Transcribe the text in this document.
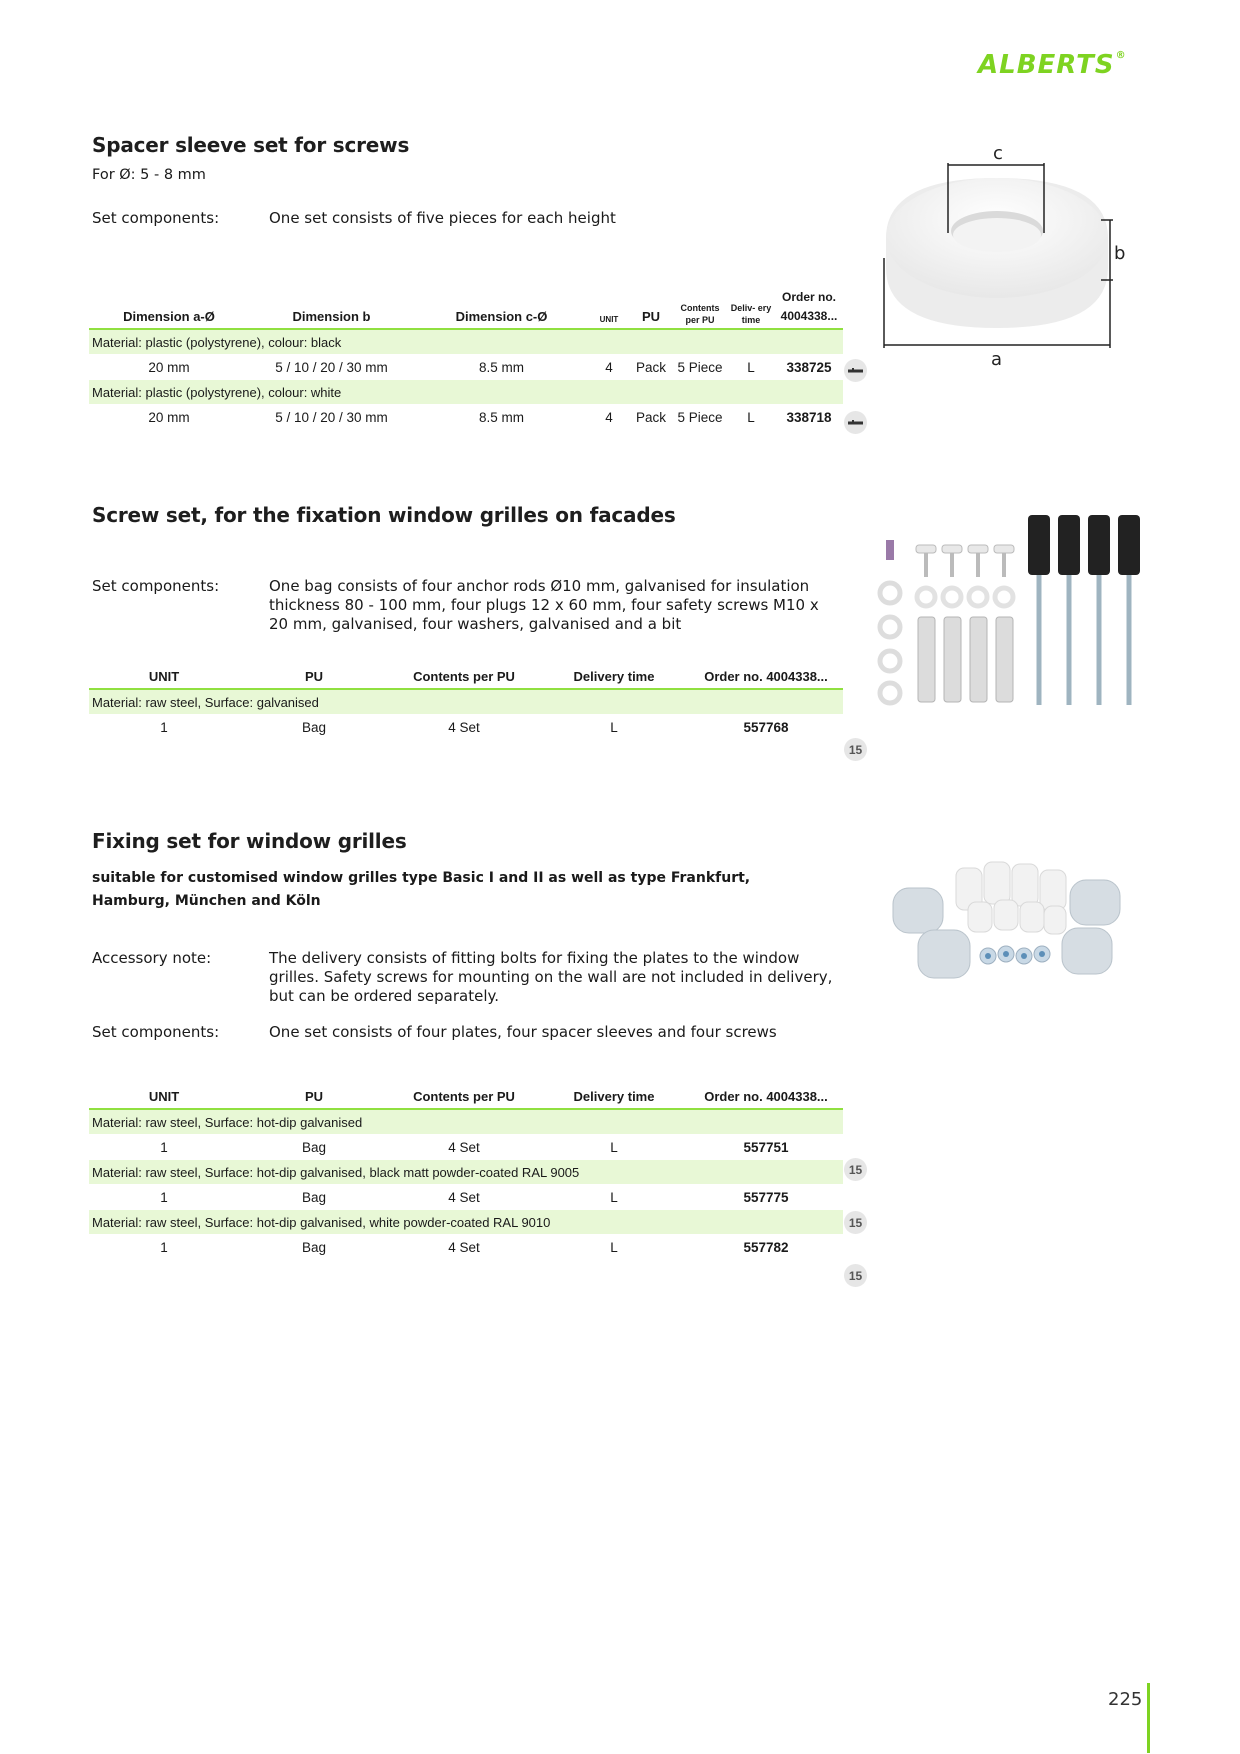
ALBERTS®
Spacer sleeve set for screws
For Ø: 5 - 8 mm
Set components:	One set consists of five pieces for each height
Dimension a-Ø	Dimension b	Dimension c-Ø	UNIT	PU	Contents per PU	Deliv- ery time	Order no. 4004338...
Material: plastic (polystyrene), colour: black							
20 mm	5 / 10 / 20 / 30 mm	8.5 mm	4	Pack	5 Piece	L	338725
Material: plastic (polystyrene), colour: white							
20 mm	5 / 10 / 20 / 30 mm	8.5 mm	4	Pack	5 Piece	L	338718
c
b
a
Screw set, for the fixation window grilles on facades
Set components:	One bag consists of four anchor rods Ø10 mm, galvanised for insulation thickness 80 - 100 mm, four plugs 12 x 60 mm, four safety screws M10 x 20 mm, galvanised, four washers, galvanised and a bit
UNIT	PU	Contents per PU	Delivery time	Order no. 4004338...
Material: raw steel, Surface: galvanised				
1	Bag	4 Set	L	557768
15
Fixing set for window grilles
suitable for customised window grilles type Basic I and II as well as type Frankfurt, Hamburg, München and Köln
Accessory note:	The delivery consists of fitting bolts for fixing the plates to the window grilles. Safety screws for mounting on the wall are not included in delivery, but can be ordered separately.
Set components:	One set consists of four plates, four spacer sleeves and four screws
UNIT	PU	Contents per PU	Delivery time	Order no. 4004338...
Material: raw steel, Surface: hot-dip galvanised				
1	Bag	4 Set	L	557751
Material: raw steel, Surface: hot-dip galvanised, black matt powder-coated RAL 9005				
1	Bag	4 Set	L	557775
Material: raw steel, Surface: hot-dip galvanised, white powder-coated RAL 9010				
1	Bag	4 Set	L	557782
15
15
15
225
